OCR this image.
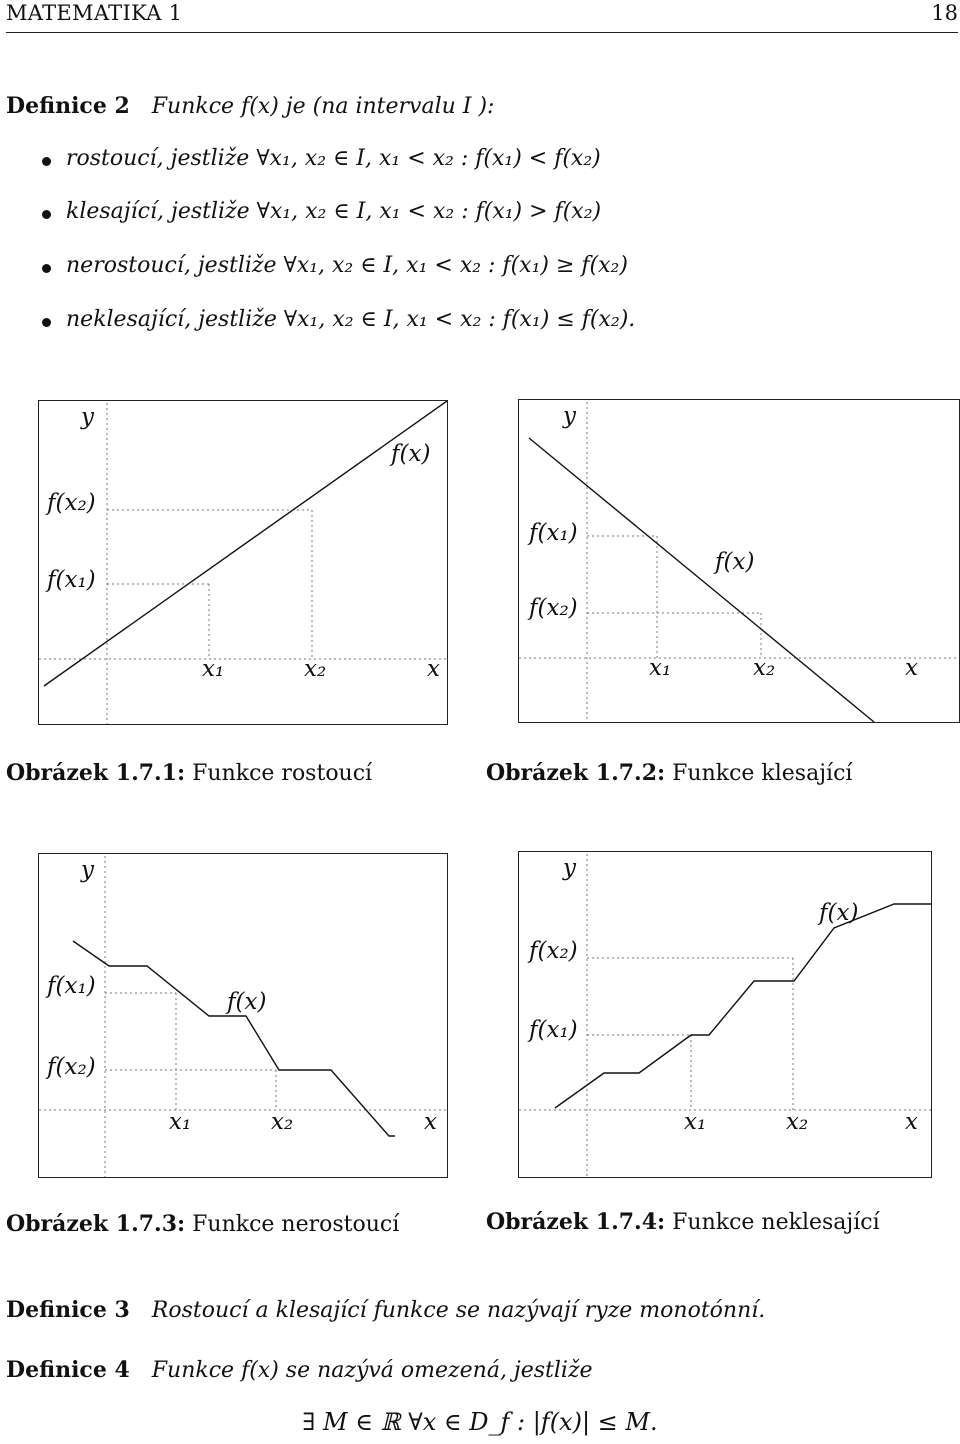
MATEMATIKA 1	18
Definice 2 Funkce f(x) je (na intervalu I ):
rostoucí, jestliže ∀x₁, x₂ ∈ I, x₁ < x₂ : f(x₁) < f(x₂)
klesající, jestliže ∀x₁, x₂ ∈ I, x₁ < x₂ : f(x₁) > f(x₂)
nerostoucí, jestliže ∀x₁, x₂ ∈ I, x₁ < x₂ : f(x₁) ≥ f(x₂)
neklesající, jestliže ∀x₁, x₂ ∈ I, x₁ < x₂ : f(x₁) ≤ f(x₂).
y
x
x₁	x₂
f(x)
f(x₂)
f(x₁)
y
x
x₁	x₂
f(x)
f(x₁)
f(x₂)
Obrázek 1.7.1: Funkce rostoucí	Obrázek 1.7.2: Funkce klesající
y
x
x₁	x₂
f(x)
f(x₁)
f(x₂)
y
x
x₁	x₂
f(x)
f(x₂)
f(x₁)
Obrázek 1.7.3: Funkce nerostoucí	Obrázek 1.7.4: Funkce neklesající
Definice 3 Rostoucí a klesající funkce se nazývají ryze monotónní.
Definice 4 Funkce f(x) se nazývá omezená, jestliže
∃ M ∈ ℝ ∀x ∈ D_f : |f(x)| ≤ M.
